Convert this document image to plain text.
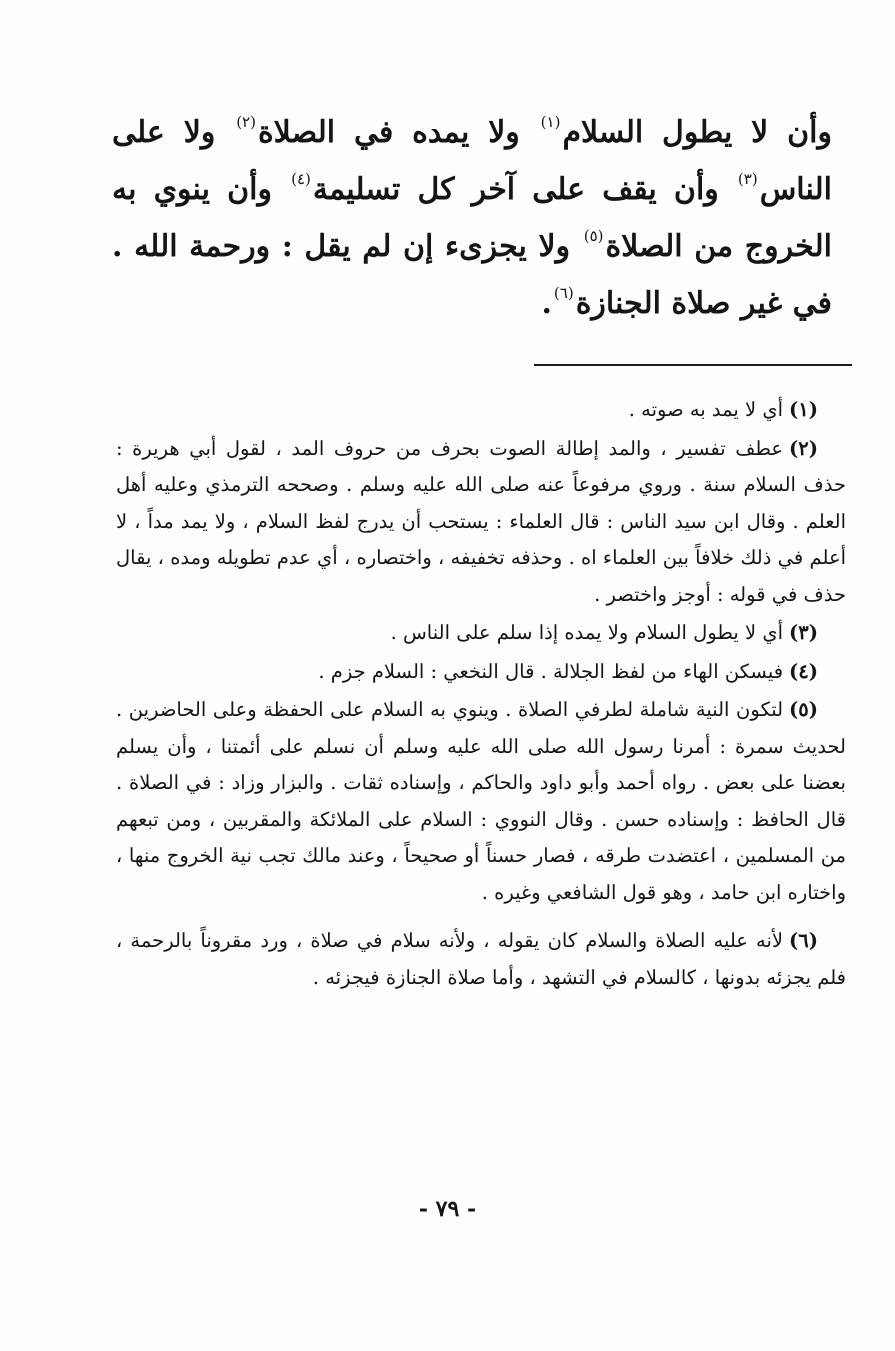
وأن لا يطول السلام$^{(١)}$ ولا يمده في الصلاة$^{(٢)}$ ولا على الناس$^{(٣)}$ وأن يقف على آخر كل تسليمة$^{(٤)}$ وأن ينوي به الخروج من الصلاة$^{(٥)}$ ولا يجزىء إن لم يقل : ورحمة الله . في غير صلاة الجنازة$^{(٦)}$.

(١)أي لا يمد به صوته .

(٢)عطف تفسير ، والمد إطالة الصوت بحرف من حروف المد ، لقول أبي هريرة : حذف السلام سنة . وروي مرفوعاً عنه صلى الله عليه وسلم . وصححه الترمذي وعليه أهل العلم . وقال ابن سيد الناس : قال العلماء : يستحب أن يدرج لفظ السلام ، ولا يمد مداً ، لا أعلم في ذلك خلافاً بين العلماء اه . وحذفه تخفيفه ، واختصاره ، أي عدم تطويله ومده ، يقال حذف في قوله : أوجز واختصر .

(٣)أي لا يطول السلام ولا يمده إذا سلم على الناس .

(٤)فيسكن الهاء من لفظ الجلالة . قال النخعي : السلام جزم .

(٥)لتكون النية شاملة لطرفي الصلاة . وينوي به السلام على الحفظة وعلى الحاضرين . لحديث سمرة : أمرنا رسول الله صلى الله عليه وسلم أن نسلم على أئمتنا ، وأن يسلم بعضنا على بعض . رواه أحمد وأبو داود والحاكم ، وإسناده ثقات . والبزار وزاد : في الصلاة . قال الحافظ : وإسناده حسن . وقال النووي : السلام على الملائكة والمقربين ، ومن تبعهم من المسلمين ، اعتضدت طرقه ، فصار حسناً أو صحيحاً ، وعند مالك تجب نية الخروج منها ، واختاره ابن حامد ، وهو قول الشافعي وغيره .

(٦)لأنه عليه الصلاة والسلام كان يقوله ، ولأنه سلام في صلاة ، ورد مقروناً بالرحمة ، فلم يجزئه بدونها ، كالسلام في التشهد ، وأما صلاة الجنازة فيجزئه .

- ٧٩ -
